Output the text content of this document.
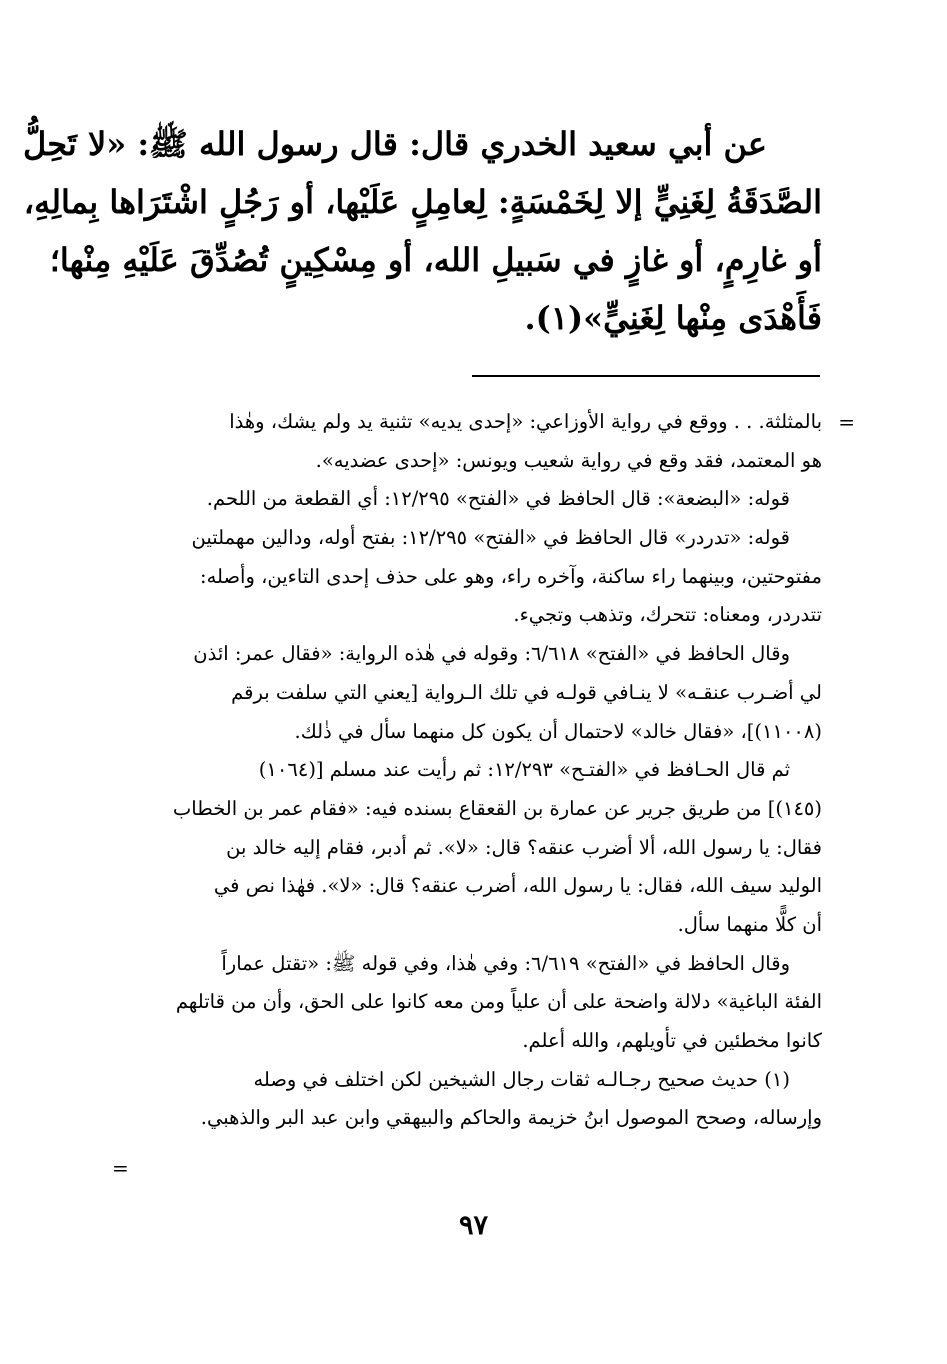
عن أبي سعيد الخدري قال: قال رسول الله ﷺ: «لا تَحِلُّ
الصَّدَقَةُ لِغَنِيٍّ إلا لِخَمْسَةٍ: لِعامِلٍ عَلَيْها، أو رَجُلٍ اشْتَرَاها بِمالِهِ،
أو غارِمٍ، أو غازٍ في سَبيلِ الله، أو مِسْكِينٍ تُصُدِّقَ عَلَيْهِ مِنْها؛
فَأَهْدَى مِنْها لِغَنِيٍّ»(١).
=
بالمثلثة. . . ووقع في رواية الأوزاعي: «إحدى يديه» تثنية يد ولم يشك، وهٰذا
هو المعتمد، فقد وقع في رواية شعيب ويونس: «إحدى عضديه».
قوله: «البضعة»: قال الحافظ في «الفتح» ١٢/٢٩٥: أي القطعة من اللحم.
قوله: «تدردر» قال الحافظ في «الفتح» ١٢/٢٩٥: بفتح أوله، ودالين مهملتين
مفتوحتين، وبينهما راء ساكنة، وآخره راء، وهو على حذف إحدى التاءين، وأصله:
تتدردر، ومعناه: تتحرك، وتذهب وتجيء.
وقال الحافظ في «الفتح» ٦/٦١٨: وقوله في هٰذه الرواية: «فقال عمر: ائذن
لي أضـرب عنقـه» لا ينـافي قولـه في تلك الـرواية [يعني التي سلفت برقم
(١١٠٠٨)]، «فقال خالد» لاحتمال أن يكون كل منهما سأل في ذٰلك.
ثم قال الحـافظ في «الفتـح» ١٢/٢٩٣: ثم رأيت عند مسلم [(١٠٦٤)
(١٤٥)] من طريق جرير عن عمارة بن القعقاع بسنده فيه: «فقام عمر بن الخطاب
فقال: يا رسول الله، ألا أضرب عنقه؟ قال: «لا». ثم أدبر، فقام إليه خالد بن
الوليد سيف الله، فقال: يا رسول الله، أضرب عنقه؟ قال: «لا». فهٰذا نص في
أن كلًّا منهما سأل.
وقال الحافظ في «الفتح» ٦/٦١٩: وفي هٰذا، وفي قوله ﷺ: «تقتل عماراً
الفئة الباغية» دلالة واضحة على أن علياً ومن معه كانوا على الحق، وأن من قاتلهم
كانوا مخطئين في تأويلهم، والله أعلم.
(١) حديث صحيح رجـالـه ثقات رجال الشيخين لكن اختلف في وصله
وإرساله، وصحح الموصول ابنُ خزيمة والحاكم والبيهقي وابن عبد البر والذهبي.
=
٩٧
